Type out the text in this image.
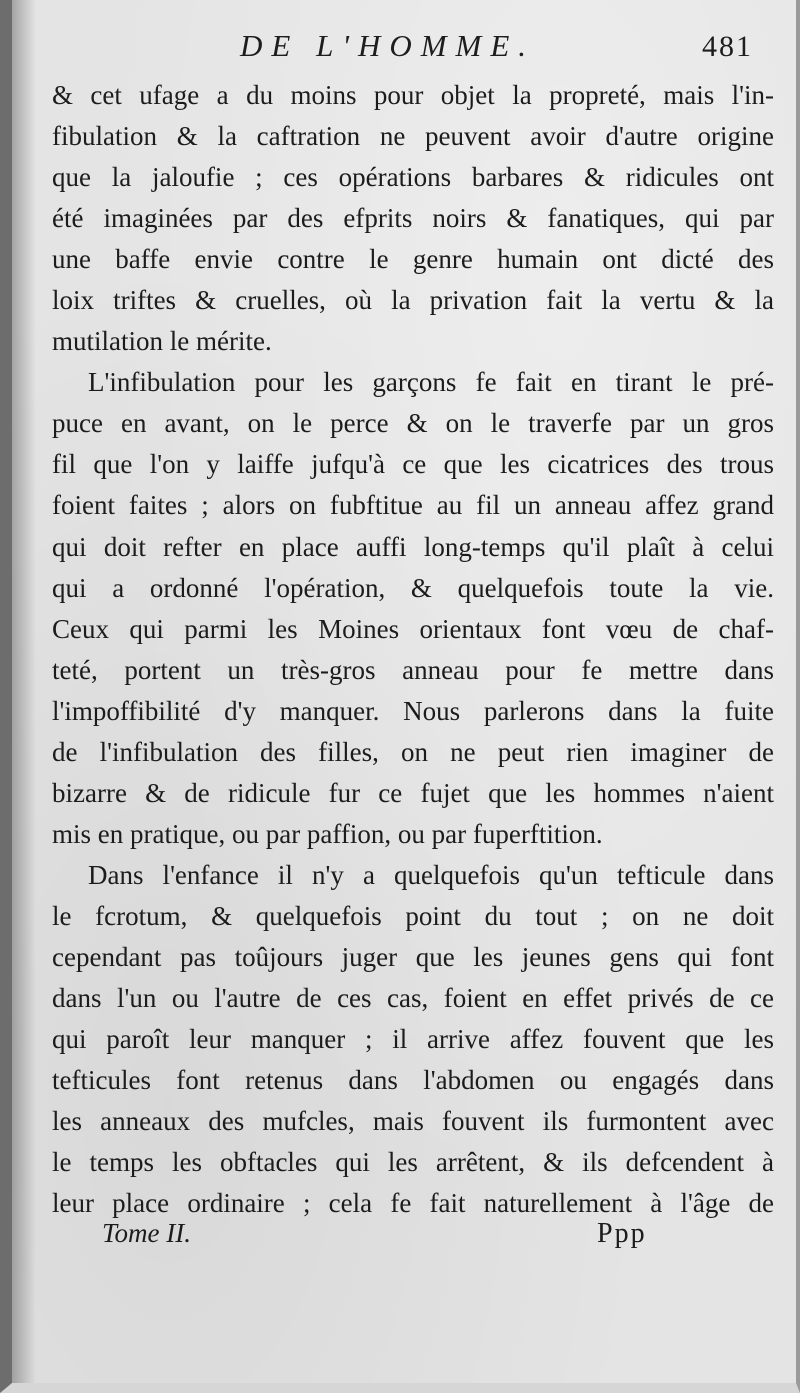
DE L'HOMME.	481
& cet ufage a du moins pour objet la propreté, mais l'in-
fibulation & la caftration ne peuvent avoir d'autre origine
que la jaloufie ; ces opérations barbares & ridicules ont
été imaginées par des efprits noirs & fanatiques, qui par
une baffe envie contre le genre humain ont dicté des
loix triftes & cruelles, où la privation fait la vertu & la
mutilation le mérite.
L'infibulation pour les garçons fe fait en tirant le pré-
puce en avant, on le perce & on le traverfe par un gros
fil que l'on y laiffe jufqu'à ce que les cicatrices des trous
foient faites ; alors on fubftitue au fil un anneau affez grand
qui doit refter en place auffi long-temps qu'il plaît à celui
qui a ordonné l'opération, & quelquefois toute la vie.
Ceux qui parmi les Moines orientaux font vœu de chaf-
teté, portent un très-gros anneau pour fe mettre dans
l'impoffibilité d'y manquer. Nous parlerons dans la fuite
de l'infibulation des filles, on ne peut rien imaginer de
bizarre & de ridicule fur ce fujet que les hommes n'aient
mis en pratique, ou par paffion, ou par fuperftition.
Dans l'enfance il n'y a quelquefois qu'un tefticule dans
le fcrotum, & quelquefois point du tout ; on ne doit
cependant pas toûjours juger que les jeunes gens qui font
dans l'un ou l'autre de ces cas, foient en effet privés de ce
qui paroît leur manquer ; il arrive affez fouvent que les
tefticules font retenus dans l'abdomen ou engagés dans
les anneaux des mufcles, mais fouvent ils furmontent avec
le temps les obftacles qui les arrêtent, & ils defcendent à
leur place ordinaire ; cela fe fait naturellement à l'âge de
Tome II.	Ppp
